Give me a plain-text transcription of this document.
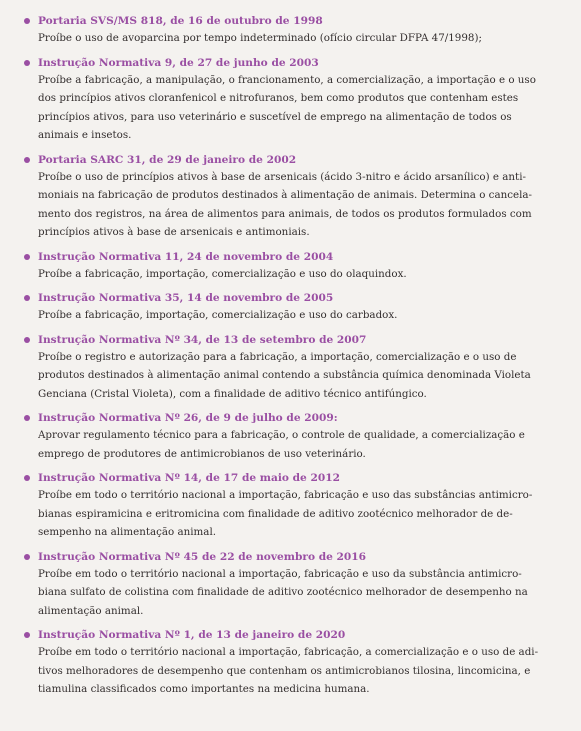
Portaria SVS/MS 818, de 16 de outubro de 1998

Proíbe o uso de avoparcina por tempo indeterminado (ofício circular DFPA 47/1998);

Instrução Normativa 9, de 27 de junho de 2003

Proíbe a fabricação, a manipulação, o francionamento, a comercialização, a importação e o uso
dos princípios ativos cloranfenicol e nitrofuranos, bem como produtos que contenham estes
princípios ativos, para uso veterinário e suscetível de emprego na alimentação de todos os
animais e insetos.

Portaria SARC 31, de 29 de janeiro de 2002

Proíbe o uso de princípios ativos à base de arsenicais (ácido 3-nitro e ácido arsanílico) e anti-
moniais na fabricação de produtos destinados à alimentação de animais. Determina o cancela-
mento dos registros, na área de alimentos para animais, de todos os produtos formulados com
princípios ativos à base de arsenicais e antimoniais.

Instrução Normativa 11, 24 de novembro de 2004

Proíbe a fabricação, importação, comercialização e uso do olaquindox.

Instrução Normativa 35, 14 de novembro de 2005

Proíbe a fabricação, importação, comercialização e uso do carbadox.

Instrução Normativa Nº 34, de 13 de setembro de 2007

Proíbe o registro e autorização para a fabricação, a importação, comercialização e o uso de
produtos destinados à alimentação animal contendo a substância química denominada Violeta
Genciana (Cristal Violeta), com a finalidade de aditivo técnico antifúngico.

Instrução Normativa Nº 26, de 9 de julho de 2009:

Aprovar regulamento técnico para a fabricação, o controle de qualidade, a comercialização e
emprego de produtores de antimicrobianos de uso veterinário.

Instrução Normativa Nº 14, de 17 de maio de 2012

Proíbe em todo o território nacional a importação, fabricação e uso das substâncias antimicro-
bianas espiramicina e eritromicina com finalidade de aditivo zootécnico melhorador de de-
sempenho na alimentação animal.

Instrução Normativa Nº 45 de 22 de novembro de 2016

Proíbe em todo o território nacional a importação, fabricação e uso da substância antimicro-
biana sulfato de colistina com finalidade de aditivo zootécnico melhorador de desempenho na
alimentação animal.

Instrução Normativa Nº 1, de 13 de janeiro de 2020

Proíbe em todo o território nacional a importação, fabricação, a comercialização e o uso de adi-
tivos melhoradores de desempenho que contenham os antimicrobianos tilosina, lincomicina, e
tiamulina classificados como importantes na medicina humana.
